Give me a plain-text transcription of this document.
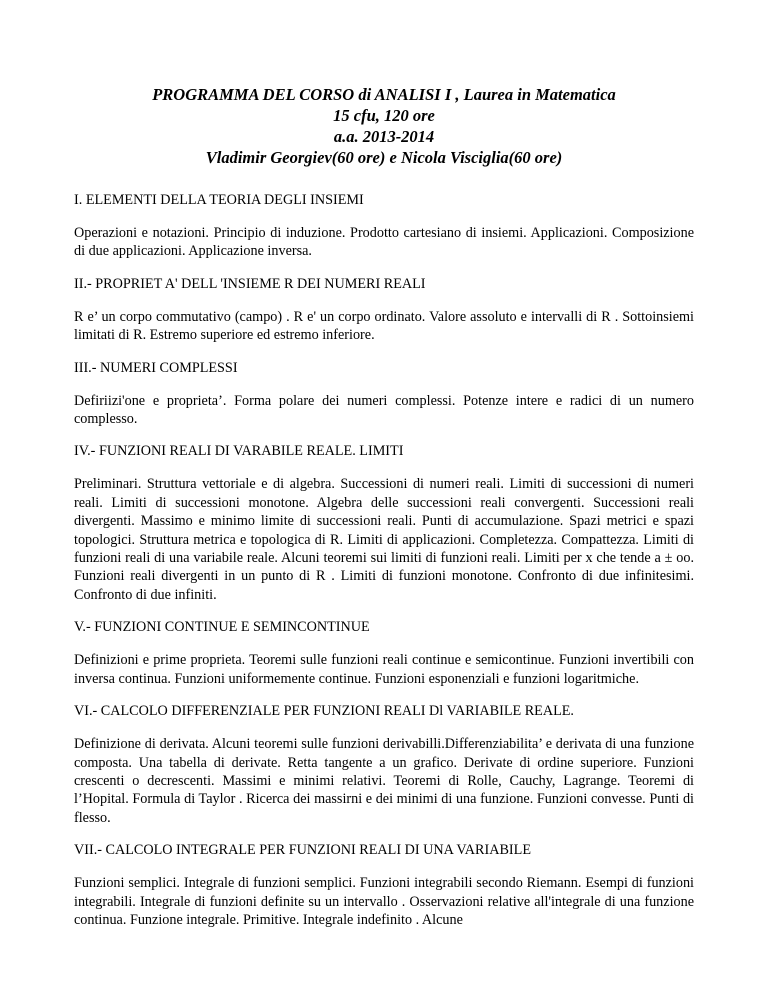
PROGRAMMA DEL CORSO di ANALISI I , Laurea in Matematica
15 cfu, 120 ore
a.a. 2013-2014
Vladimir Georgiev(60 ore) e Nicola Visciglia(60 ore)
I. ELEMENTI DELLA TEORIA DEGLI INSIEMI
Operazioni e notazioni. Principio di induzione. Prodotto cartesiano di insiemi. Applicazioni. Composizione di due applicazioni. Applicazione inversa.
II.- PROPRIET A' DELL 'INSIEME R DEI NUMERI REALI
R e’ un corpo commutativo (campo) . R e' un corpo ordinato. Valore assoluto e intervalli di R . Sottoinsiemi limitati di R. Estremo superiore ed estremo inferiore.
III.- NUMERI COMPLESSI
Defiriizi'one e proprieta’. Forma polare dei numeri complessi. Potenze intere e radici di un numero complesso.
IV.- FUNZIONI REALI DI VARABILE REALE. LIMITI
Preliminari. Struttura vettoriale e di algebra. Successioni di numeri reali. Limiti di successioni di numeri reali. Limiti di successioni monotone. Algebra delle successioni reali convergenti. Successioni reali divergenti. Massimo e minimo limite di successioni reali. Punti di accumulazione. Spazi metrici e spazi topologici. Struttura metrica e topologica di R. Limiti di applicazioni. Completezza. Compattezza. Limiti di funzioni reali di una variabile reale. Alcuni teoremi sui limiti di funzioni reali. Limiti per x che tende a ± oo. Funzioni reali divergenti in un punto di R . Limiti di funzioni monotone. Confronto di due infinitesimi. Confronto di due infiniti.
V.- FUNZIONI CONTINUE E SEMINCONTINUE
Definizioni e prime proprieta. Teoremi sulle funzioni reali continue e semicontinue. Funzioni invertibili con inversa continua. Funzioni uniformemente continue. Funzioni esponenziali e funzioni logaritmiche.
VI.- CALCOLO DIFFERENZIALE PER FUNZIONI REALI Dl VARIABILE REALE.
Definizione di derivata. Alcuni teoremi sulle funzioni derivabilli.Differenziabilita’ e derivata di una funzione composta. Una tabella di derivate. Retta tangente a un grafico. Derivate di ordine superiore. Funzioni crescenti o decrescenti. Massimi e minimi relativi. Teoremi di Rolle, Cauchy, Lagrange. Teoremi di l’Hopital. Formula di Taylor . Ricerca dei massirni e dei minimi di una funzione. Funzioni convesse. Punti di flesso.
VII.- CALCOLO INTEGRALE PER FUNZIONI REALI DI UNA VARIABILE
Funzioni semplici. Integrale di funzioni semplici. Funzioni integrabili secondo Riemann. Esempi di funzioni integrabili. Integrale di funzioni definite su un intervallo . Osservazioni relative all'integrale di una funzione continua. Funzione integrale. Primitive. Integrale indefinito . Alcune
